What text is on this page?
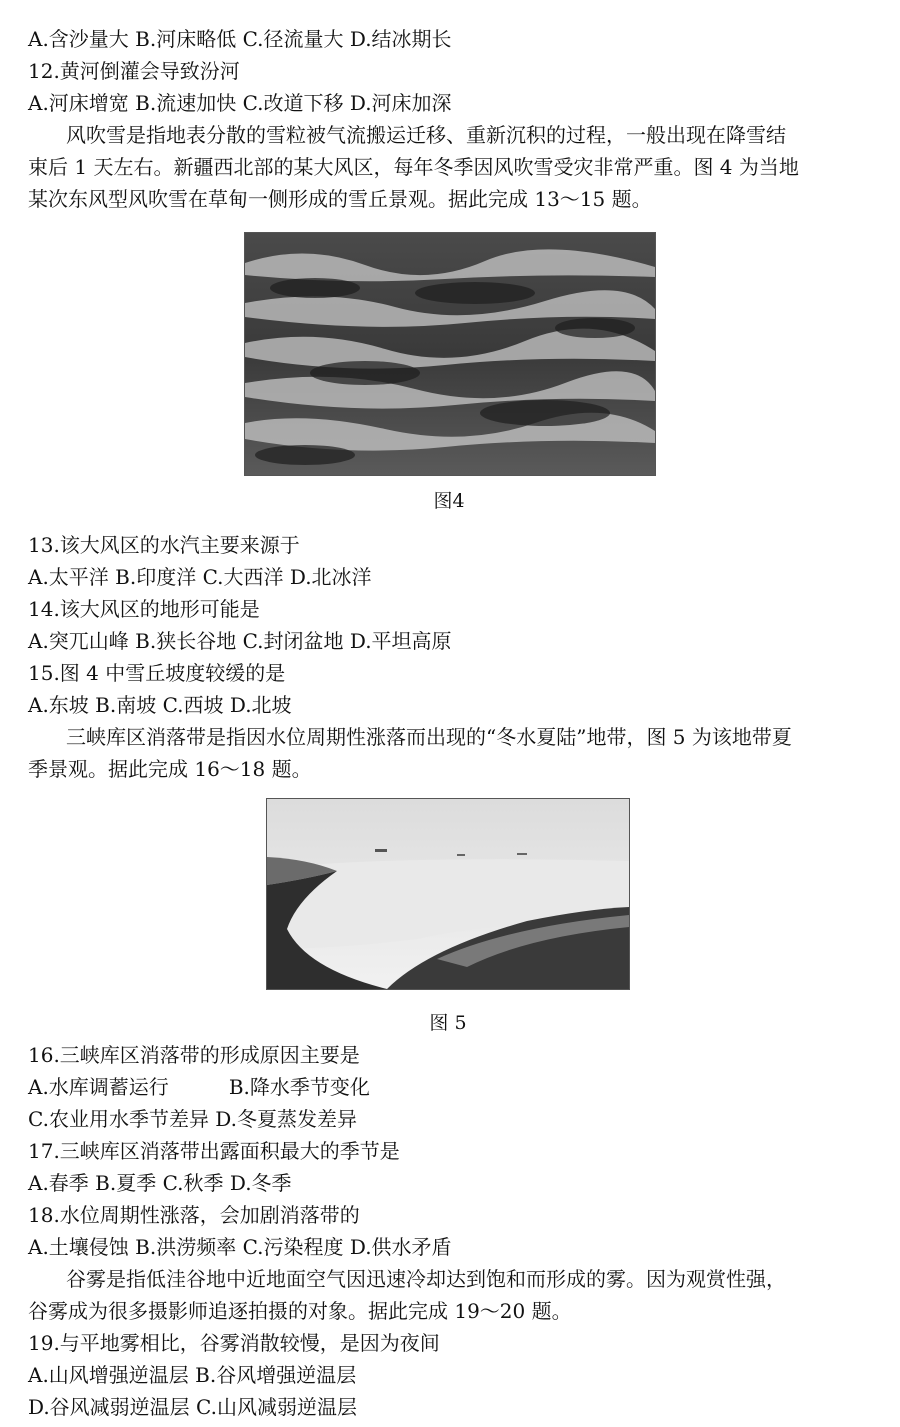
A.含沙量大 B.河床略低 C.径流量大 D.结冰期长
12.黄河倒灌会导致汾河
A.河床增宽 B.流速加快 C.改道下移 D.河床加深
风吹雪是指地表分散的雪粒被气流搬运迁移、重新沉积的过程，一般出现在降雪结
束后 1 天左右。新疆西北部的某大风区，每年冬季因风吹雪受灾非常严重。图 4 为当地
某次东风型风吹雪在草甸一侧形成的雪丘景观。据此完成 13～15 题。
图4
13.该大风区的水汽主要来源于
A.太平洋 B.印度洋 C.大西洋 D.北冰洋
14.该大风区的地形可能是
A.突兀山峰 B.狭长谷地 C.封闭盆地 D.平坦高原
15.图 4 中雪丘坡度较缓的是
A.东坡 B.南坡 C.西坡 D.北坡
三峡库区消落带是指因水位周期性涨落而出现的“冬水夏陆”地带，图 5 为该地带夏
季景观。据此完成 16～18 题。
图 5
16.三峡库区消落带的形成原因主要是
A.水库调蓄运行	B.降水季节变化
C.农业用水季节差异 D.冬夏蒸发差异
17.三峡库区消落带出露面积最大的季节是
A.春季 B.夏季 C.秋季 D.冬季
18.水位周期性涨落，会加剧消落带的
A.土壤侵蚀 B.洪涝频率 C.污染程度 D.供水矛盾
谷雾是指低洼谷地中近地面空气因迅速冷却达到饱和而形成的雾。因为观赏性强，
谷雾成为很多摄影师追逐拍摄的对象。据此完成 19～20 题。
19.与平地雾相比，谷雾消散较慢，是因为夜间
A.山风增强逆温层 B.谷风增强逆温层
D.谷风减弱逆温层 C.山风减弱逆温层
